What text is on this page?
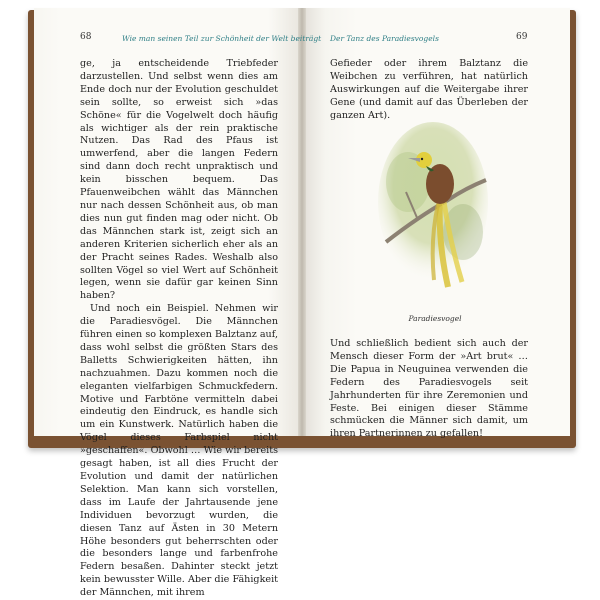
68	Wie man seinen Teil zur Schönheit der Welt beiträgt

ge, ja entscheidende Triebfeder darzustellen. Und selbst wenn dies am Ende doch nur der Evolution geschuldet sein sollte, so erweist sich »das Schöne« für die Vogelwelt doch häufig als wichtiger als der rein praktische Nutzen. Das Rad des Pfaus ist umwerfend, aber die langen Federn sind dann doch recht unpraktisch und kein bisschen bequem. Das Pfauenweibchen wählt das Männchen nur nach dessen Schönheit aus, ob man dies nun gut finden mag oder nicht. Ob das Männchen stark ist, zeigt sich an anderen Kriterien sicherlich eher als an der Pracht seines Rades. Weshalb also sollten Vögel so viel Wert auf Schönheit legen, wenn sie dafür gar keinen Sinn haben?

Und noch ein Beispiel. Nehmen wir die Paradiesvögel. Die Männchen führen einen so komplexen Balztanz auf, dass wohl selbst die größten Stars des Balletts Schwierigkeiten hätten, ihn nachzuahmen. Dazu kommen noch die eleganten vielfarbigen Schmuckfedern. Motive und Farbtöne vermitteln dabei eindeutig den Eindruck, es handle sich um ein Kunstwerk. Natürlich haben die Vögel dieses Farbspiel nicht »geschaffen«. Obwohl … Wie wir bereits gesagt haben, ist all dies Frucht der Evolution und damit der natürlichen Selektion. Man kann sich vorstellen, dass im Laufe der Jahrtausende jene Individuen bevorzugt wurden, die diesen Tanz auf Ästen in 30 Metern Höhe besonders gut beherrschten oder die besonders lange und farbenfrohe Federn besaßen. Dahinter steckt jetzt kein bewusster Wille. Aber die Fähigkeit der Männchen, mit ihrem

Der Tanz des Paradiesvogels	69

Gefieder oder ihrem Balztanz die Weibchen zu verführen, hat natürlich Auswirkungen auf die Weitergabe ihrer Gene (und damit auf das Überleben der ganzen Art).

Paradiesvogel

Und schließlich bedient sich auch der Mensch dieser Form der »Art brut« … Die Papua in Neuguinea verwenden die Federn des Paradiesvogels seit Jahrhunderten für ihre Zeremonien und Feste. Bei einigen dieser Stämme schmücken die Männer sich damit, um ihren Partnerinnen zu gefallen!
